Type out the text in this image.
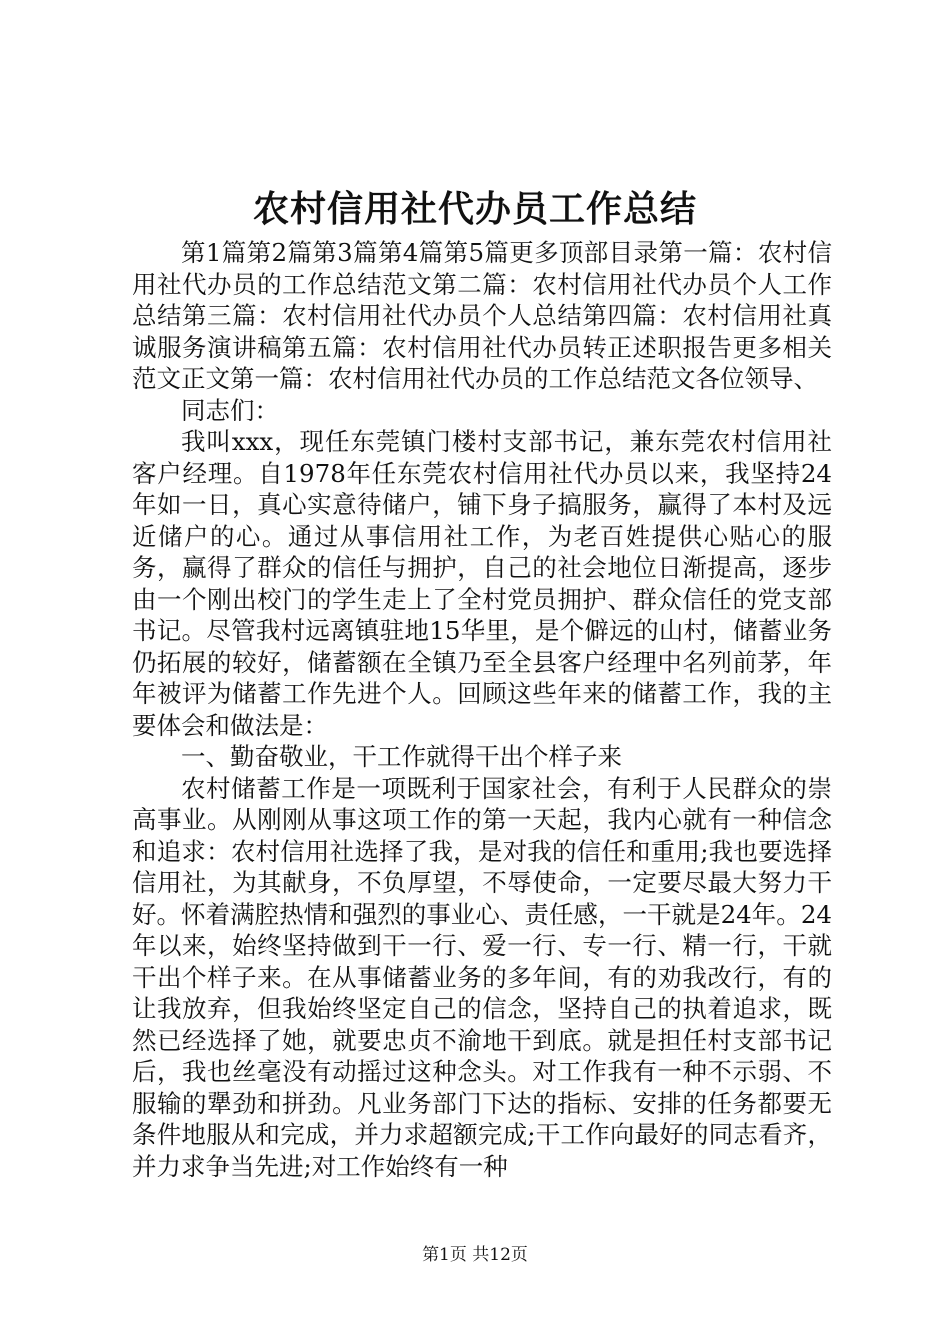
农村信用社代办员工作总结

第1篇第2篇第3篇第4篇第5篇更多顶部目录第一篇：农村信用社代办员的工作总结范文第二篇：农村信用社代办员个人工作总结第三篇：农村信用社代办员个人总结第四篇：农村信用社真诚服务演讲稿第五篇：农村信用社代办员转正述职报告更多相关范文正文第一篇：农村信用社代办员的工作总结范文各位领导、

同志们：

我叫xxx，现任东莞镇门楼村支部书记，兼东莞农村信用社客户经理。自1978年任东莞农村信用社代办员以来，我坚持24年如一日，真心实意待储户，铺下身子搞服务，赢得了本村及远近储户的心。通过从事信用社工作，为老百姓提供心贴心的服务，赢得了群众的信任与拥护，自己的社会地位日渐提高，逐步由一个刚出校门的学生走上了全村党员拥护、群众信任的党支部书记。尽管我村远离镇驻地15华里，是个僻远的山村，储蓄业务仍拓展的较好，储蓄额在全镇乃至全县客户经理中名列前茅，年年被评为储蓄工作先进个人。回顾这些年来的储蓄工作，我的主要体会和做法是：

一、勤奋敬业，干工作就得干出个样子来

农村储蓄工作是一项既利于国家社会，有利于人民群众的崇高事业。从刚刚从事这项工作的第一天起，我内心就有一种信念和追求：农村信用社选择了我，是对我的信任和重用;我也要选择信用社，为其献身，不负厚望，不辱使命，一定要尽最大努力干好。怀着满腔热情和强烈的事业心、责任感，一干就是24年。24年以来，始终坚持做到干一行、爱一行、专一行、精一行，干就干出个样子来。在从事储蓄业务的多年间，有的劝我改行，有的让我放弃，但我始终坚定自己的信念，坚持自己的执着追求，既然已经选择了她，就要忠贞不渝地干到底。就是担任村支部书记后，我也丝毫没有动摇过这种念头。对工作我有一种不示弱、不服输的犟劲和拼劲。凡业务部门下达的指标、安排的任务都要无条件地服从和完成，并力求超额完成;干工作向最好的同志看齐，并力求争当先进;对工作始终有一种

第1页 共12页
